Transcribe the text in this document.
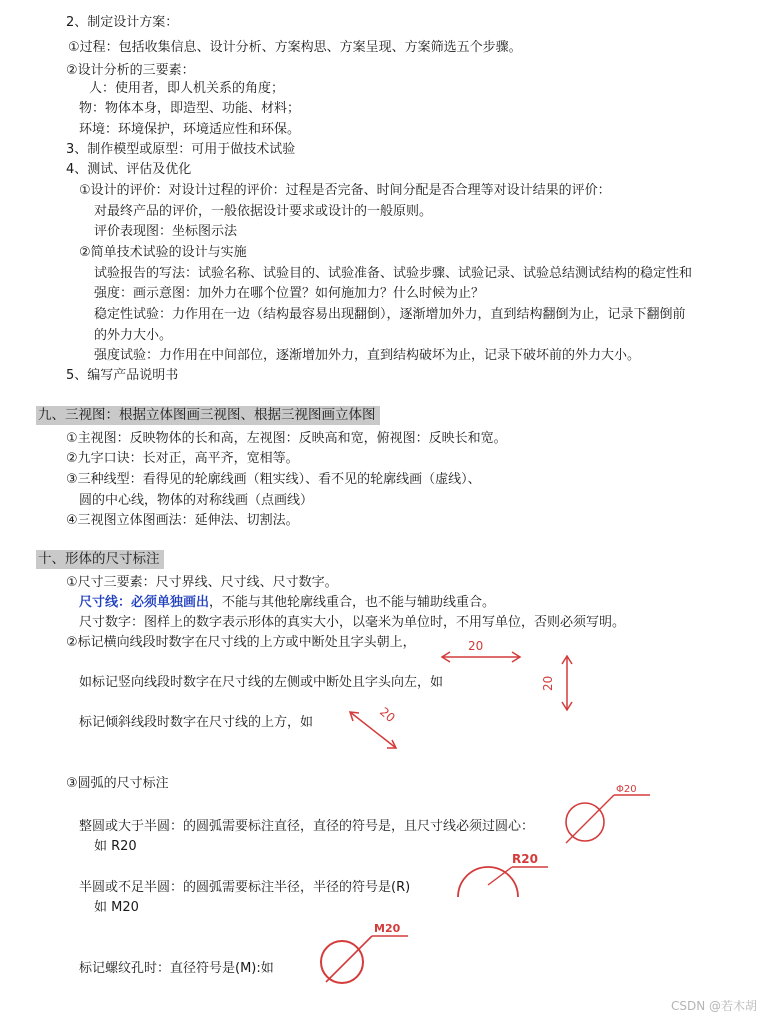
2、制定设计方案：
①过程：包括收集信息、设计分析、方案构思、方案呈现、方案筛选五个步骤。
②设计分析的三要素：
人：使用者，即人机关系的角度；
物：物体本身，即造型、功能、材料；
环境：环境保护，环境适应性和环保。
3、制作模型或原型：可用于做技术试验
4、测试、评估及优化
①设计的评价：对设计过程的评价：过程是否完备、时间分配是否合理等对设计结果的评价：
对最终产品的评价，一般依据设计要求或设计的一般原则。
评价表现图：坐标图示法
②简单技术试验的设计与实施
试验报告的写法：试验名称、试验目的、试验准备、试验步骤、试验记录、试验总结测试结构的稳定性和
强度：画示意图：加外力在哪个位置？如何施加力？什么时候为止？
稳定性试验：力作用在一边（结构最容易出现翻倒），逐渐增加外力，直到结构翻倒为止，记录下翻倒前
的外力大小。
强度试验：力作用在中间部位，逐渐增加外力，直到结构破坏为止，记录下破坏前的外力大小。
5、编写产品说明书
九、三视图：根据立体图画三视图、根据三视图画立体图
①主视图：反映物体的长和高，左视图：反映高和宽，俯视图：反映长和宽。
②九字口诀：长对正，高平齐，宽相等。
③三种线型：看得见的轮廓线画（粗实线）、看不见的轮廓线画（虚线）、
圆的中心线，物体的对称线画（点画线）
④三视图立体图画法：延伸法、切割法。
十、形体的尺寸标注
①尺寸三要素：尺寸界线、尺寸线、尺寸数字。
尺寸线：必须单独画出，不能与其他轮廓线重合，也不能与辅助线重合。
尺寸数字：图样上的数字表示形体的真实大小，以毫米为单位时，不用写单位，否则必须写明。
②标记横向线段时数字在尺寸线的上方或中断处且字头朝上，
如标记竖向线段时数字在尺寸线的左侧或中断处且字头向左，如
标记倾斜线段时数字在尺寸线的上方，如
③圆弧的尺寸标注
整圆或大于半圆：的圆弧需要标注直径，直径的符号是，且尺寸线必须过圆心：
如 R20
半圆或不足半圆：的圆弧需要标注半径，半径的符号是(R)
如 M20
标记螺纹孔时：直径符号是(M):如
20
20
20
Φ20
R20
M20
CSDN @若木胡
